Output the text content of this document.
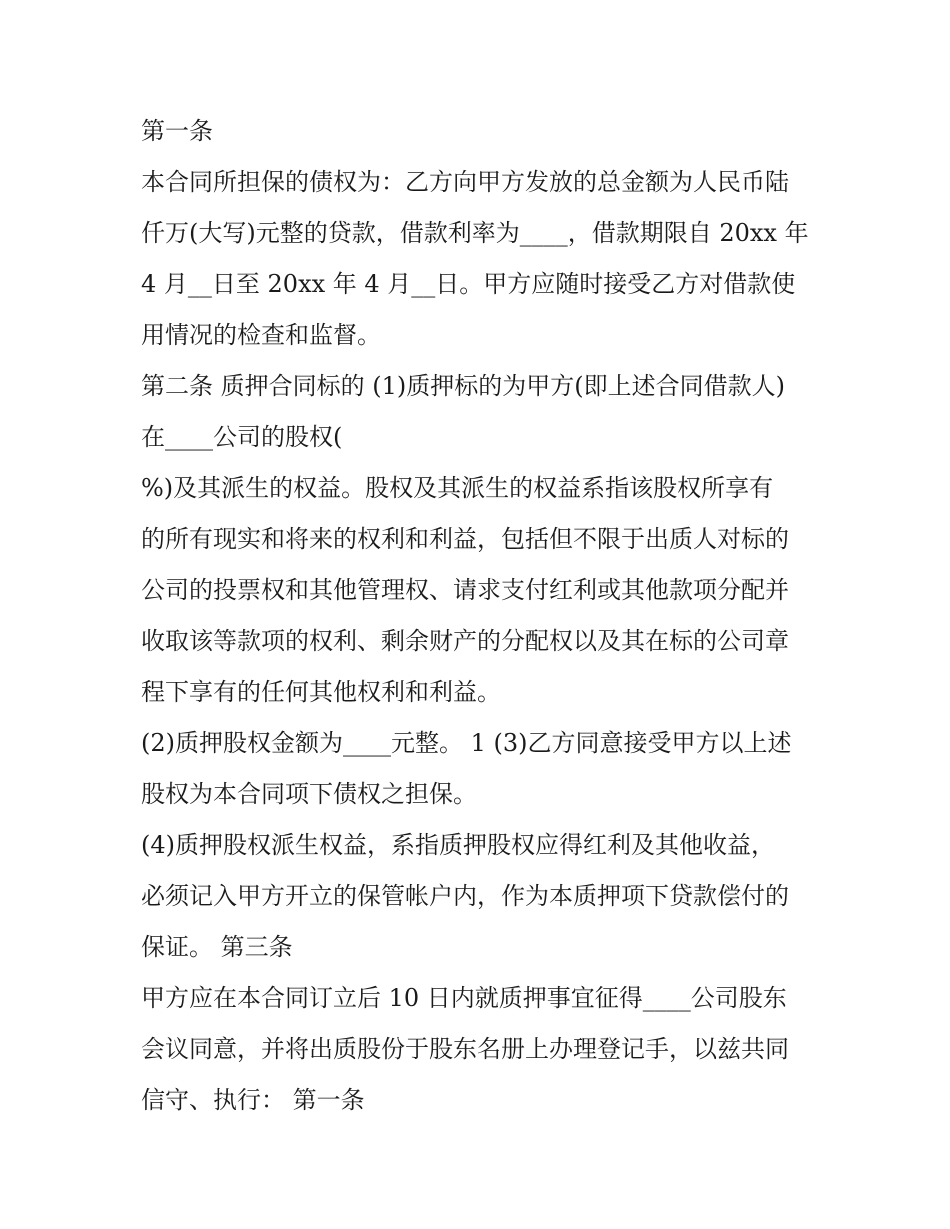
第一条
本合同所担保的债权为：乙方向甲方发放的总金额为人民币陆
仟万(大写)元整的贷款，借款利率为____，借款期限自 20xx 年
4 月__日至 20xx 年 4 月__日。甲方应随时接受乙方对借款使
用情况的检查和监督。
第二条 质押合同标的 (1)质押标的为甲方(即上述合同借款人)
在____公司的股权(
%)及其派生的权益。股权及其派生的权益系指该股权所享有
的所有现实和将来的权利和利益，包括但不限于出质人对标的
公司的投票权和其他管理权、请求支付红利或其他款项分配并
收取该等款项的权利、剩余财产的分配权以及其在标的公司章
程下享有的任何其他权利和利益。
(2)质押股权金额为____元整。 1 (3)乙方同意接受甲方以上述
股权为本合同项下债权之担保。
(4)质押股权派生权益，系指质押股权应得红利及其他收益，
必须记入甲方开立的保管帐户内，作为本质押项下贷款偿付的
保证。 第三条
甲方应在本合同订立后 10 日内就质押事宜征得____公司股东
会议同意，并将出质股份于股东名册上办理登记手，以兹共同
信守、执行： 第一条
